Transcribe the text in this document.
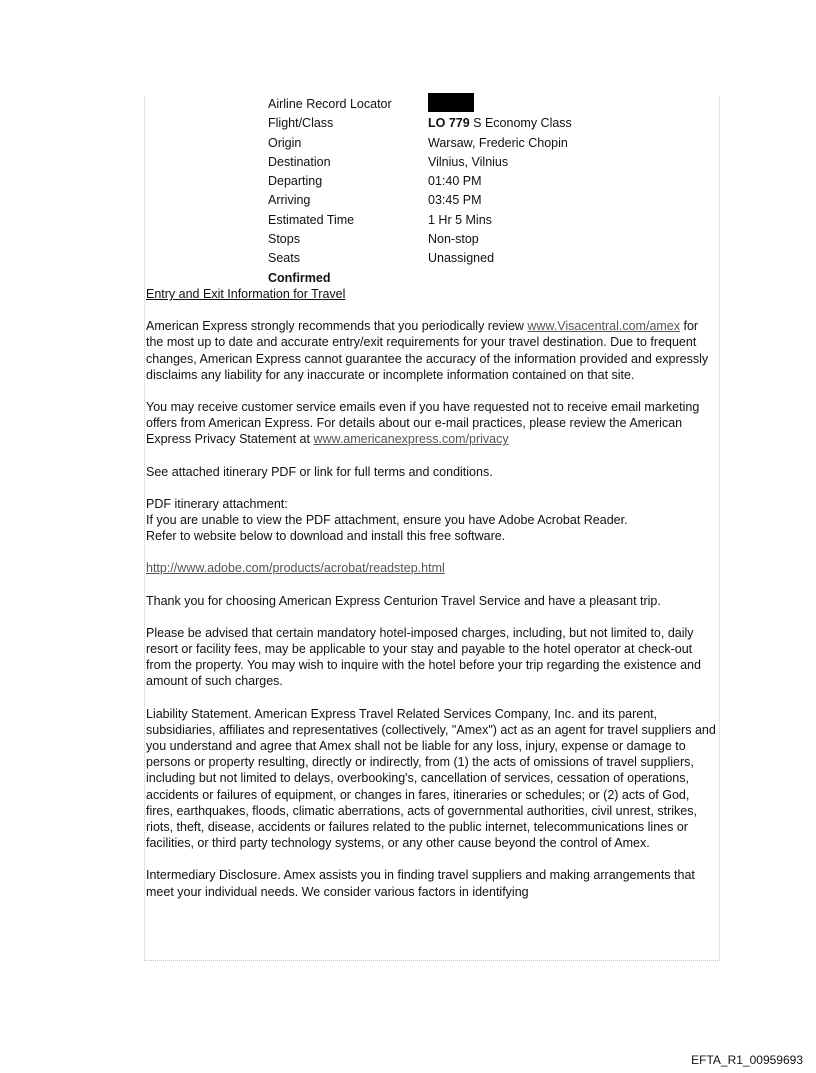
Airline Record Locator	
Flight/Class	LO 779 S Economy Class
Origin	Warsaw, Frederic Chopin
Destination	Vilnius, Vilnius
Departing	01:40 PM
Arriving	03:45 PM
Estimated Time	1 Hr 5 Mins
Stops	Non-stop
Seats	Unassigned
Confirmed	

Entry and Exit Information for Travel

American Express strongly recommends that you periodically review www.Visacentral.com/amex for the most up to date and accurate entry/exit requirements for your travel destination. Due to frequent changes, American Express cannot guarantee the accuracy of the information provided and expressly disclaims any liability for any inaccurate or incomplete information contained on that site.

You may receive customer service emails even if you have requested not to receive email marketing offers from American Express. For details about our e-mail practices, please review the American Express Privacy Statement at www.americanexpress.com/privacy

See attached itinerary PDF or link for full terms and conditions.

PDF itinerary attachment:
If you are unable to view the PDF attachment, ensure you have Adobe Acrobat Reader.
Refer to website below to download and install this free software.

http://www.adobe.com/products/acrobat/readstep.html

Thank you for choosing American Express Centurion Travel Service and have a pleasant trip.

Please be advised that certain mandatory hotel-imposed charges, including, but not limited to, daily resort or facility fees, may be applicable to your stay and payable to the hotel operator at check-out from the property. You may wish to inquire with the hotel before your trip regarding the existence and amount of such charges.

Liability Statement. American Express Travel Related Services Company, Inc. and its parent, subsidiaries, affiliates and representatives (collectively, "Amex") act as an agent for travel suppliers and you understand and agree that Amex shall not be liable for any loss, injury, expense or damage to persons or property resulting, directly or indirectly, from (1) the acts of omissions of travel suppliers, including but not limited to delays, overbooking's, cancellation of services, cessation of operations, accidents or failures of equipment, or changes in fares, itineraries or schedules; or (2) acts of God, fires, earthquakes, floods, climatic aberrations, acts of governmental authorities, civil unrest, strikes, riots, theft, disease, accidents or failures related to the public internet, telecommunications lines or facilities, or third party technology systems, or any other cause beyond the control of Amex.

Intermediary Disclosure. Amex assists you in finding travel suppliers and making arrangements that meet your individual needs. We consider various factors in identifying

EFTA_R1_00959693
